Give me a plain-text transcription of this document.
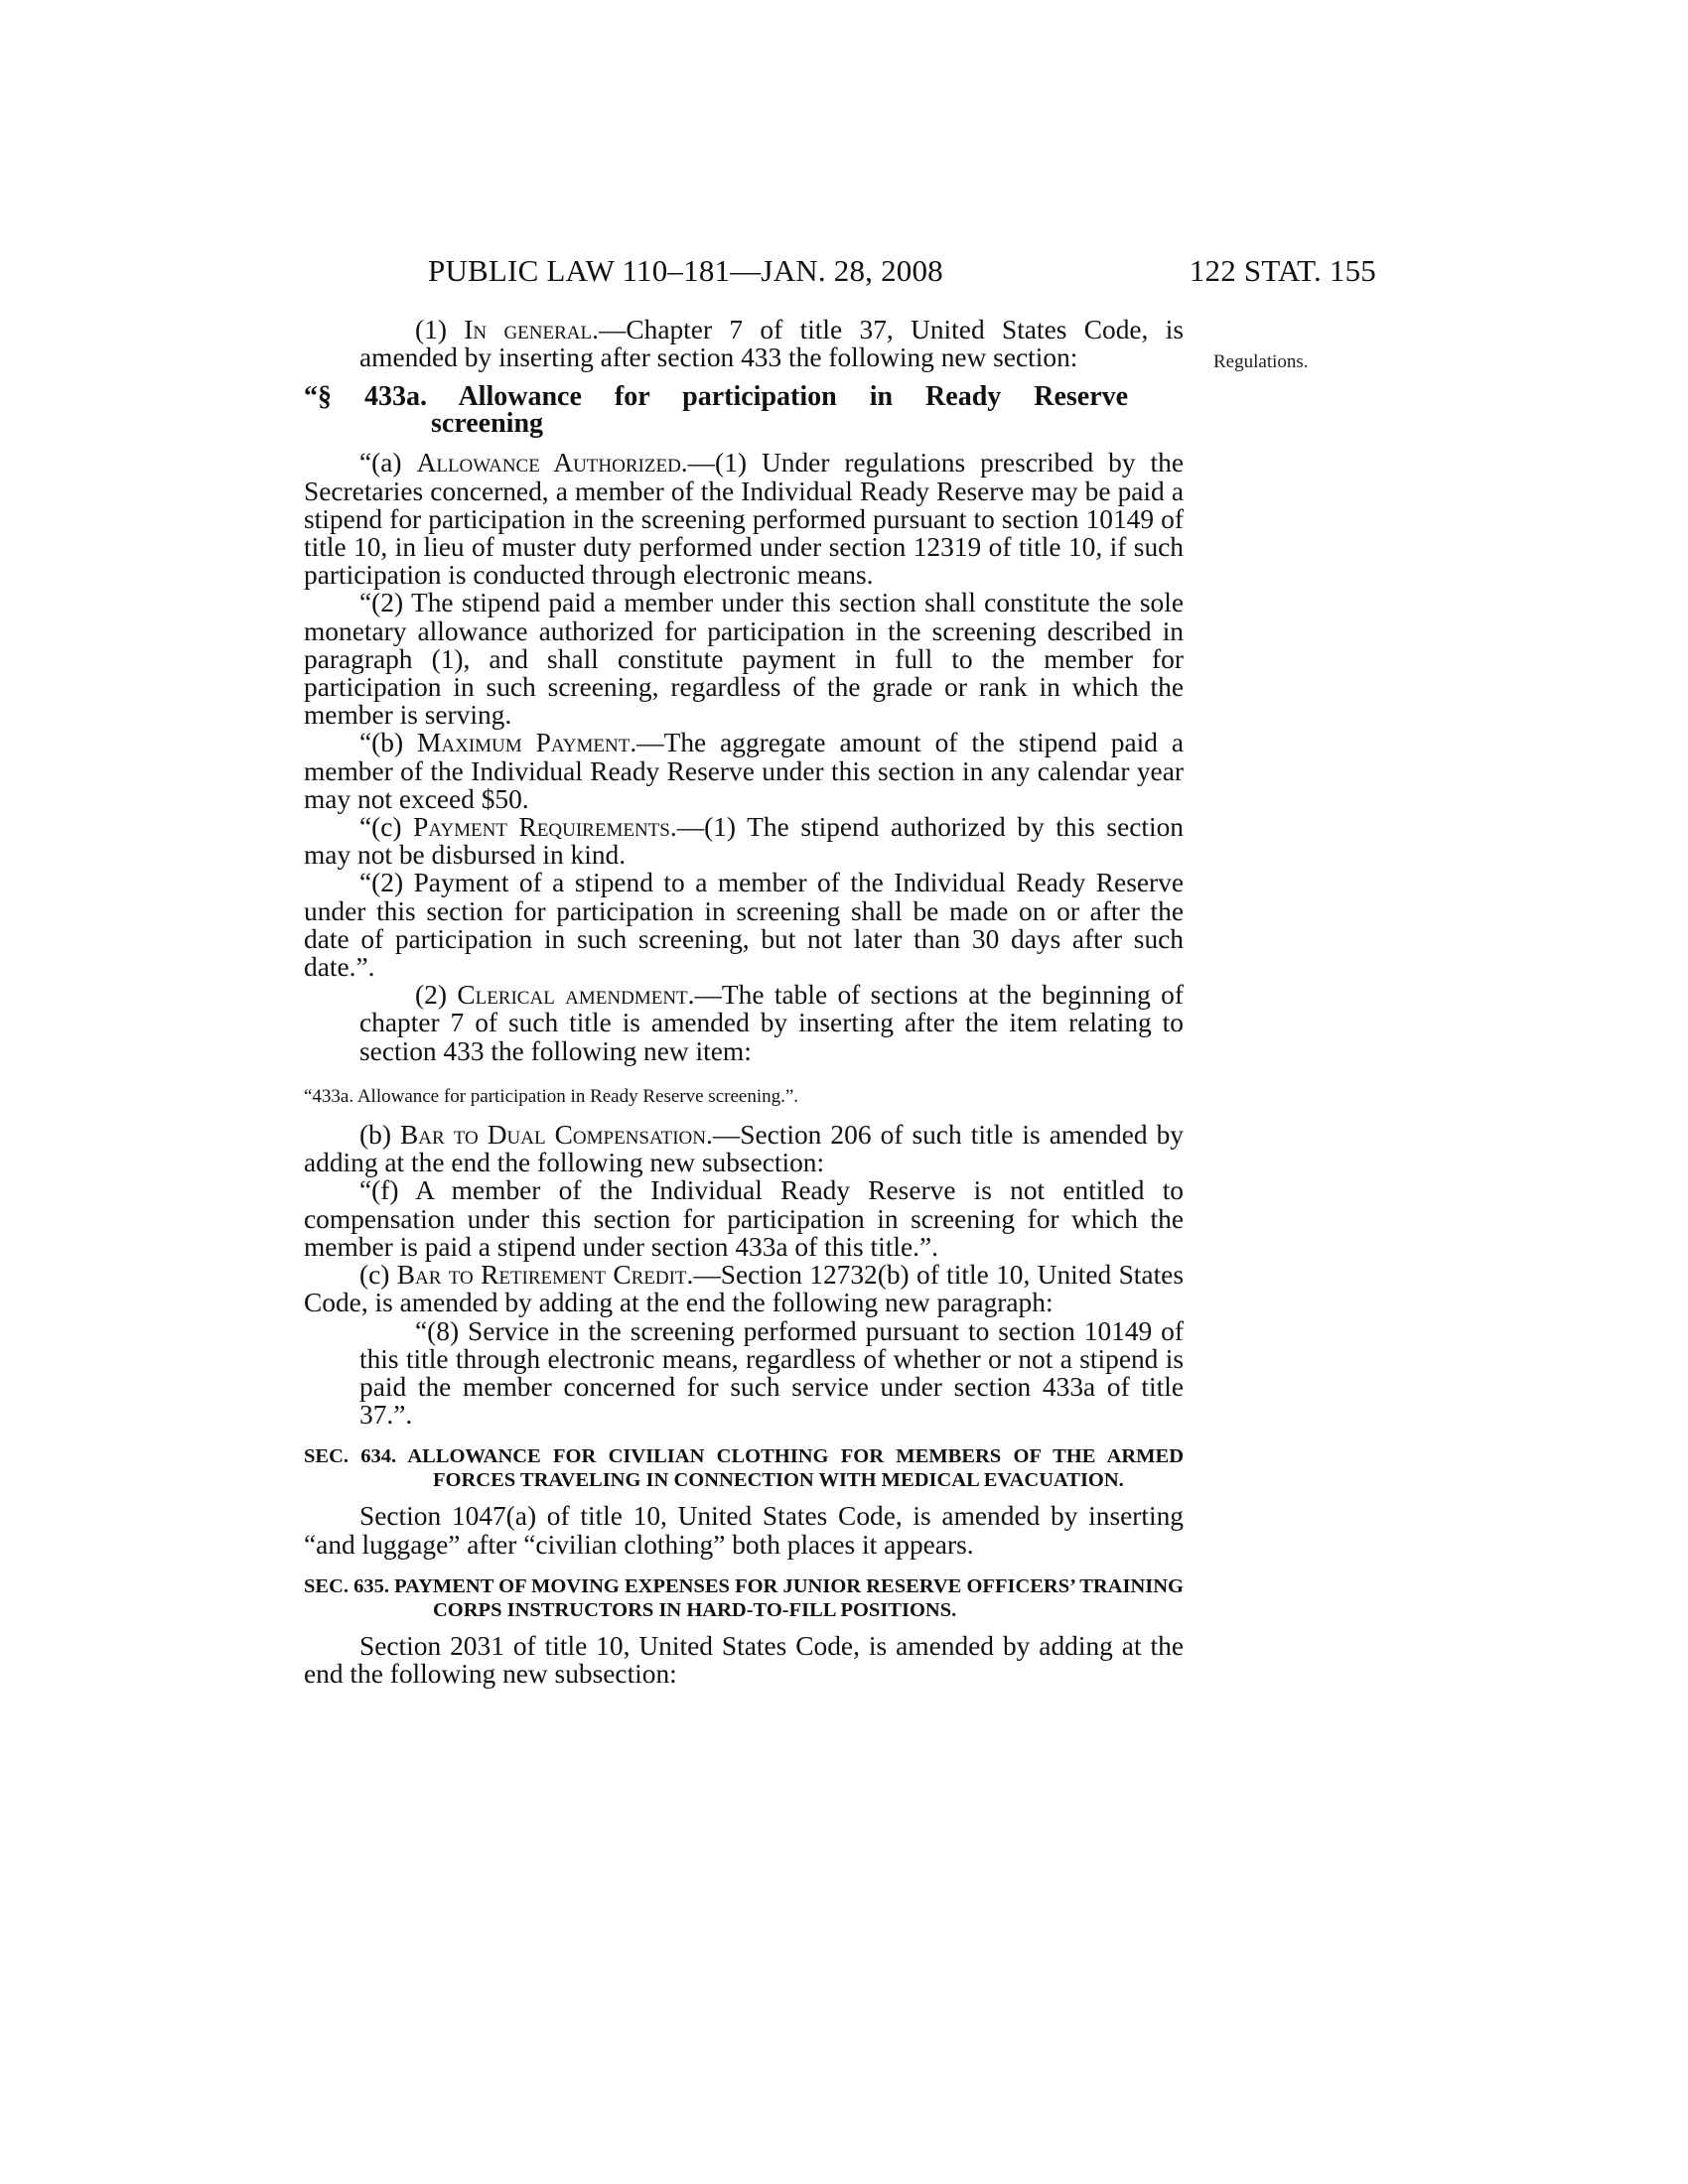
PUBLIC LAW 110–181—JAN. 28, 2008	122 STAT. 155
Regulations.

(1) In general.—Chapter 7 of title 37, United States Code, is amended by inserting after section 433 the following new section:

“§ 433a. Allowance for participation in Ready Reserve screening

“(a) Allowance Authorized.—(1) Under regulations prescribed by the Secretaries concerned, a member of the Individual Ready Reserve may be paid a stipend for participation in the screening performed pursuant to section 10149 of title 10, in lieu of muster duty performed under section 12319 of title 10, if such participation is conducted through electronic means.

“(2) The stipend paid a member under this section shall constitute the sole monetary allowance authorized for participation in the screening described in paragraph (1), and shall constitute payment in full to the member for participation in such screening, regardless of the grade or rank in which the member is serving.

“(b) Maximum Payment.—The aggregate amount of the stipend paid a member of the Individual Ready Reserve under this section in any calendar year may not exceed $50.

“(c) Payment Requirements.—(1) The stipend authorized by this section may not be disbursed in kind.

“(2) Payment of a stipend to a member of the Individual Ready Reserve under this section for participation in screening shall be made on or after the date of participation in such screening, but not later than 30 days after such date.”.

(2) Clerical amendment.—The table of sections at the beginning of chapter 7 of such title is amended by inserting after the item relating to section 433 the following new item:

“433a. Allowance for participation in Ready Reserve screening.”.

(b) Bar to Dual Compensation.—Section 206 of such title is amended by adding at the end the following new subsection:

“(f) A member of the Individual Ready Reserve is not entitled to compensation under this section for participation in screening for which the member is paid a stipend under section 433a of this title.”.

(c) Bar to Retirement Credit.—Section 12732(b) of title 10, United States Code, is amended by adding at the end the following new paragraph:

“(8) Service in the screening performed pursuant to section 10149 of this title through electronic means, regardless of whether or not a stipend is paid the member concerned for such service under section 433a of title 37.”.

SEC. 634. ALLOWANCE FOR CIVILIAN CLOTHING FOR MEMBERS OF THE ARMED FORCES TRAVELING IN CONNECTION WITH MEDICAL EVACUATION.

Section 1047(a) of title 10, United States Code, is amended by inserting “and luggage” after “civilian clothing” both places it appears.

SEC. 635. PAYMENT OF MOVING EXPENSES FOR JUNIOR RESERVE OFFICERS’ TRAINING CORPS INSTRUCTORS IN HARD-TO-FILL POSITIONS.

Section 2031 of title 10, United States Code, is amended by adding at the end the following new subsection:
